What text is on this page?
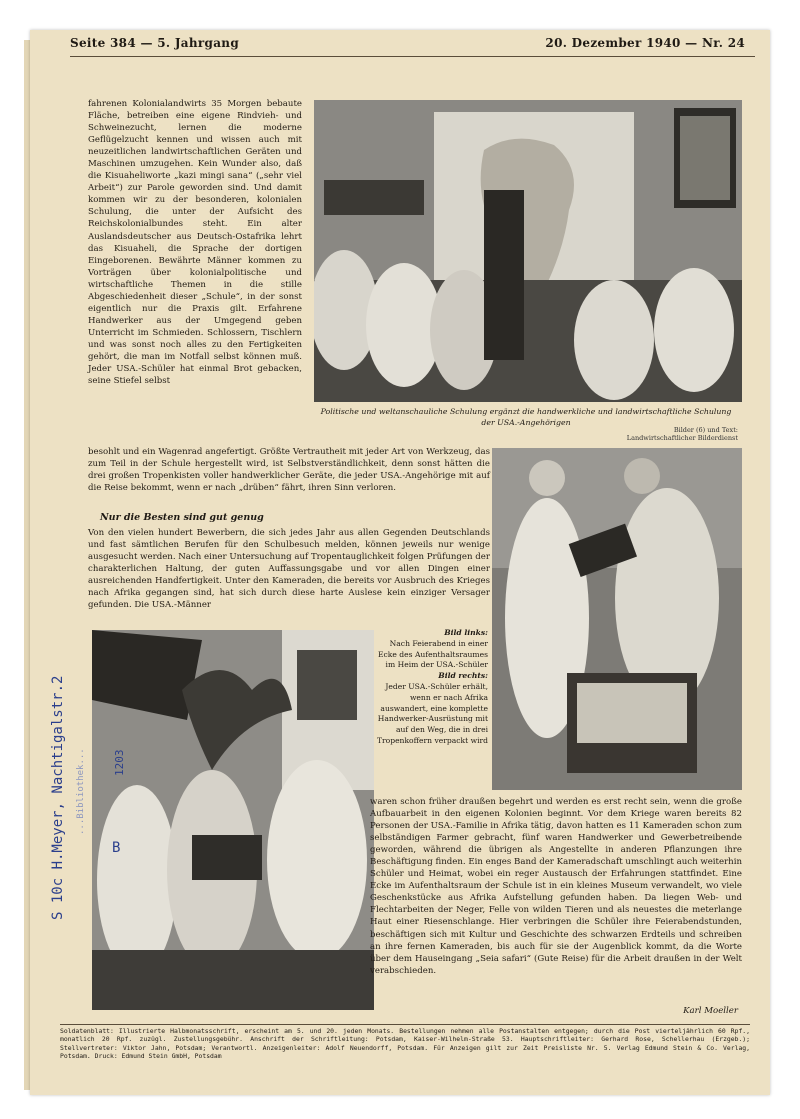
Seite 384 — 5. Jahrgang	20. Dezember 1940 — Nr. 24
fahrenen Kolonialandwirts 35 Morgen bebaute Fläche, betreiben eine eigene Rindvieh- und Schweinezucht, lernen die moderne Geflügelzucht kennen und wissen auch mit neuzeitlichen landwirtschaftlichen Geräten und Maschinen umzugehen. Kein Wunder also, daß die Kisuaheliworte „kazi mingi sana“ („sehr viel Arbeit“) zur Parole geworden sind. Und damit kommen wir zu der besonderen, kolonialen Schulung, die unter der Aufsicht des Reichskolonialbundes steht. Ein alter Auslandsdeutscher aus Deutsch-Ostafrika lehrt das Kisuaheli, die Sprache der dortigen Eingeborenen. Bewährte Männer kommen zu Vorträgen über kolonialpolitische und wirtschaftliche Themen in die stille Abgeschiedenheit dieser „Schule“, in der sonst eigentlich nur die Praxis gilt. Erfahrene Handwerker aus der Umgegend geben Unterricht im Schmieden. Schlossern, Tischlern und was sonst noch alles zu den Fertigkeiten gehört, die man im Notfall selbst können muß. Jeder USA.-Schüler hat einmal Brot gebacken, seine Stiefel selbst
Politische und weltanschauliche Schulung ergänzt die handwerkliche und landwirtschaftliche Schulung der USA.-Angehörigen
Bilder (6) und Text: Landwirtschaftlicher Bilderdienst
besohlt und ein Wagenrad angefertigt. Größte Vertrautheit mit jeder Art von Werkzeug, das zum Teil in der Schule hergestellt wird, ist Selbstverständlichkeit, denn sonst hätten die drei großen Tropenkisten voller handwerklicher Geräte, die jeder USA.-Angehörige mit auf die Reise bekommt, wenn er nach „drüben“ fährt, ihren Sinn verloren.
Nur die Besten sind gut genug
Von den vielen hundert Bewerbern, die sich jedes Jahr aus allen Gegenden Deutschlands und fast sämtlichen Berufen für den Schulbesuch melden, können jeweils nur wenige ausgesucht werden. Nach einer Untersuchung auf Tropentauglichkeit folgen Prüfungen der charakterlichen Haltung, der guten Auffassungsgabe und vor allen Dingen einer ausreichenden Handfertigkeit. Unter den Kameraden, die bereits vor Ausbruch des Krieges nach Afrika gegangen sind, hat sich durch diese harte Auslese kein einziger Versager gefunden. Die USA.-Männer
Bild links:
Nach Feierabend in einer Ecke des Aufenthaltsraumes im Heim der USA.-Schüler
Bild rechts:
Jeder USA.-Schüler erhält, wenn er nach Afrika auswandert, eine komplette Handwerker-Ausrüstung mit auf den Weg, die in drei Tropenkoffern verpackt wird
waren schon früher draußen begehrt und werden es erst recht sein, wenn die große Aufbauarbeit in den eigenen Kolonien beginnt. Vor dem Kriege waren bereits 82 Personen der USA.-Familie in Afrika tätig, davon hatten es 11 Kameraden schon zum selbständigen Farmer gebracht, fünf waren Handwerker und Gewerbetreibende geworden, während die übrigen als Angestellte in anderen Pflanzungen ihre Beschäftigung finden. Ein enges Band der Kameradschaft umschlingt auch weiterhin Schüler und Heimat, wobei ein reger Austausch der Erfahrungen stattfindet. Eine Ecke im Aufenthaltsraum der Schule ist in ein kleines Museum verwandelt, wo viele Geschenkstücke aus Afrika Aufstellung gefunden haben. Da liegen Web- und Flechtarbeiten der Neger, Felle von wilden Tieren und als neuestes die meterlange Haut einer Riesenschlange. Hier verbringen die Schüler ihre Feierabendstunden, beschäftigen sich mit Kultur und Geschichte des schwarzen Erdteils und schreiben an ihre fernen Kameraden, bis auch für sie der Augenblick kommt, da die Worte über dem Hauseingang „Seia safari“ (Gute Reise) für die Arbeit draußen in der Welt verabschieden.
Karl Moeller
...Bibliothek...
S 10c H.Meyer, Nachtigalstr.2	B
1203
Soldatenblatt: Illustrierte Halbmonatsschrift, erscheint am 5. und 20. jeden Monats. Bestellungen nehmen alle Postanstalten entgegen; durch die Post vierteljährlich 60 Rpf., monatlich 20 Rpf. zuzügl. Zustellungsgebühr. Anschrift der Schriftleitung: Potsdam, Kaiser-Wilhelm-Straße 53. Hauptschriftleiter: Gerhard Rose, Schellerhau (Erzgeb.); Stellvertreter: Viktor Jahn, Potsdam; Verantwortl. Anzeigenleiter: Adolf Neuendorff, Potsdam. Für Anzeigen gilt zur Zeit Preisliste Nr. 5. Verlag Edmund Stein & Co. Verlag, Potsdam. Druck: Edmund Stein GmbH, Potsdam
